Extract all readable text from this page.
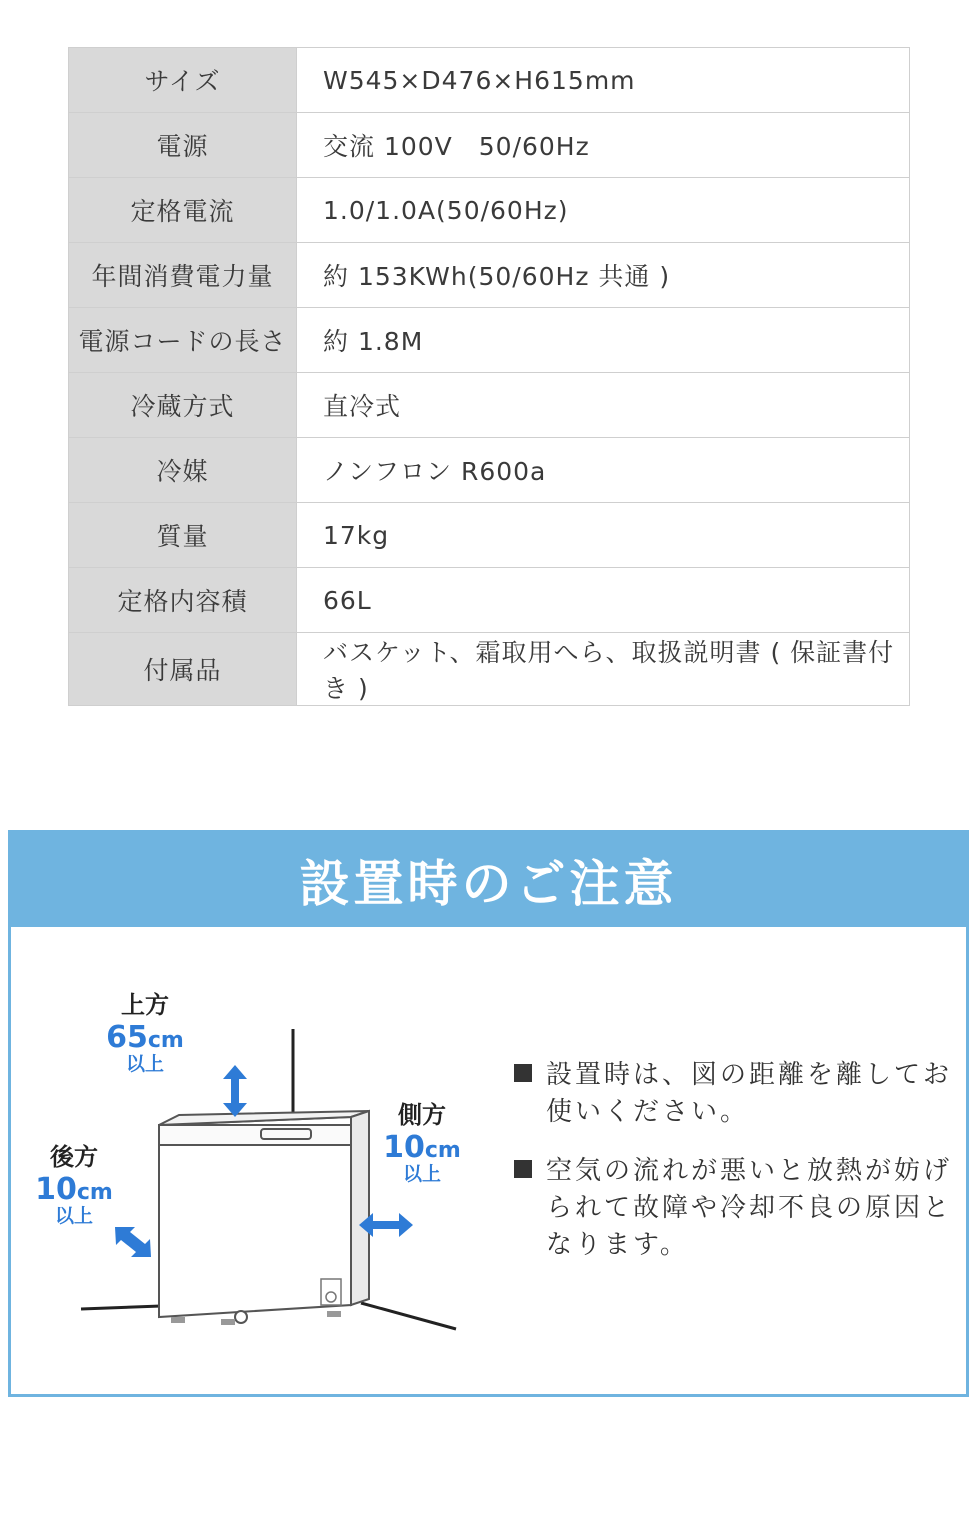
サイズ	W545×D476×H615mm
電源	交流 100V　50/60Hz
定格電流	1.0/1.0A(50/60Hz)
年間消費電力量	約 153KWh(50/60Hz 共通 )
電源コードの長さ	約 1.8M
冷蔵方式	直冷式
冷媒	ノンフロン R600a
質量	17kg
定格内容積	66L
付属品	バスケット、霜取用へら、取扱説明書 ( 保証書付き )
設置時のご注意
上方
65cm
以上
後方
10cm
以上
側方
10cm
以上
設置時は、図の距離を離してお使いください。
空気の流れが悪いと放熱が妨げられて故障や冷却不良の原因となります。
